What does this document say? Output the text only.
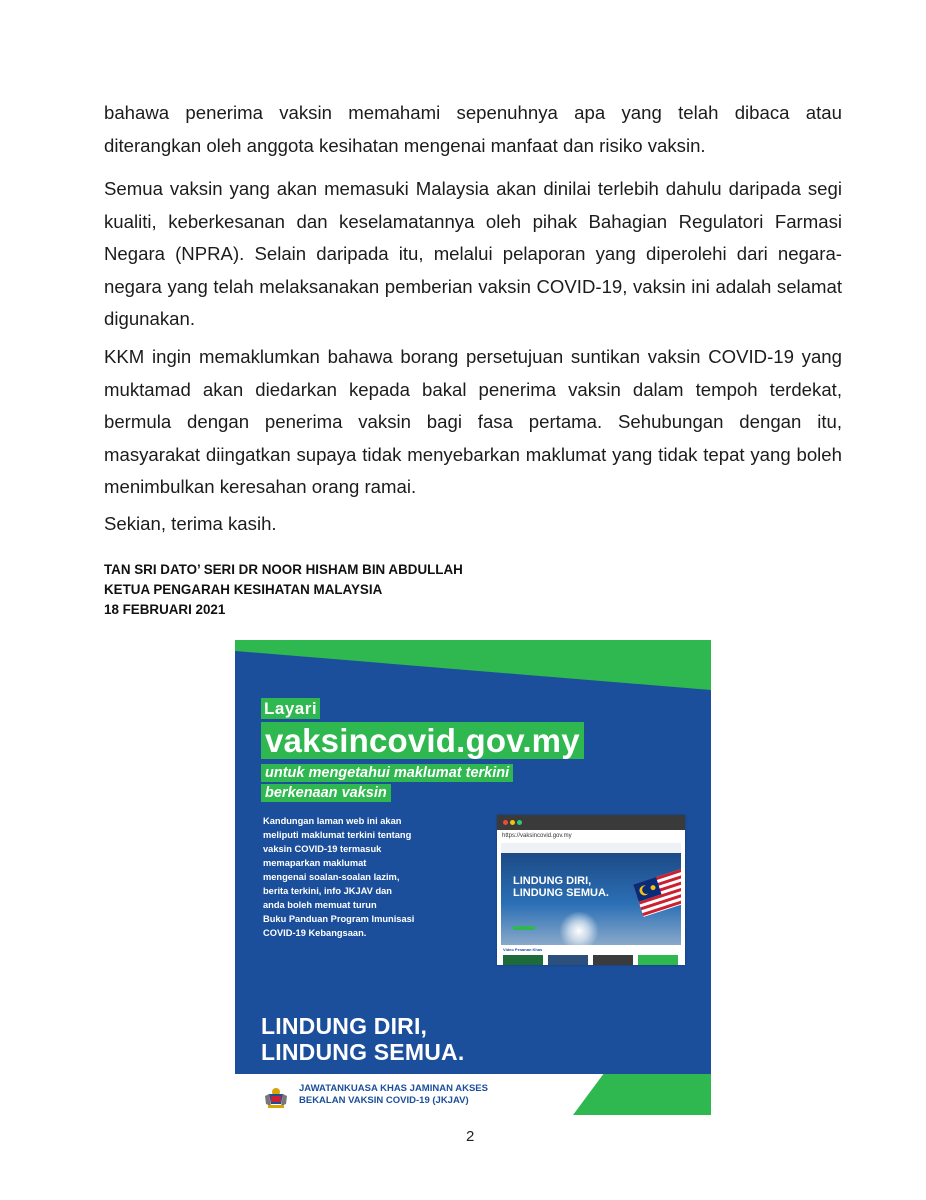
bahawa penerima vaksin memahami sepenuhnya apa yang telah dibaca atau diterangkan oleh anggota kesihatan mengenai manfaat dan risiko vaksin.

Semua vaksin yang akan memasuki Malaysia akan dinilai terlebih dahulu daripada segi kualiti, keberkesanan dan keselamatannya oleh pihak Bahagian Regulatori Farmasi Negara (NPRA). Selain daripada itu, melalui pelaporan yang diperolehi dari negara-negara yang telah melaksanakan pemberian vaksin COVID-19, vaksin ini adalah selamat digunakan.

KKM ingin memaklumkan bahawa borang persetujuan suntikan vaksin COVID-19 yang muktamad akan diedarkan kepada bakal penerima vaksin dalam tempoh terdekat, bermula dengan penerima vaksin bagi fasa pertama. Sehubungan dengan itu, masyarakat diingatkan supaya tidak menyebarkan maklumat yang tidak tepat yang boleh menimbulkan keresahan orang ramai.

Sekian, terima kasih.

TAN SRI DATO’ SERI DR NOOR HISHAM BIN ABDULLAH
KETUA PENGARAH KESIHATAN MALAYSIA
18 FEBRUARI 2021
Layari
vaksincovid.gov.my
untuk mengetahui maklumat terkini
berkenaan vaksin
Kandungan laman web ini akan
meliputi maklumat terkini tentang
vaksin COVID-19 termasuk
memaparkan maklumat
mengenai soalan-soalan lazim,
berita terkini, info JKJAV dan
anda boleh memuat turun
Buku Panduan Program Imunisasi
COVID-19 Kebangsaan.
https://vaksincovid.gov.my
LINDUNG DIRI,
LINDUNG SEMUA.
Video Pesanan Khas
LINDUNG DIRI,
LINDUNG SEMUA.
JAWATANKUASA KHAS JAMINAN AKSES
BEKALAN VAKSIN COVID-19 (JKJAV)
2
